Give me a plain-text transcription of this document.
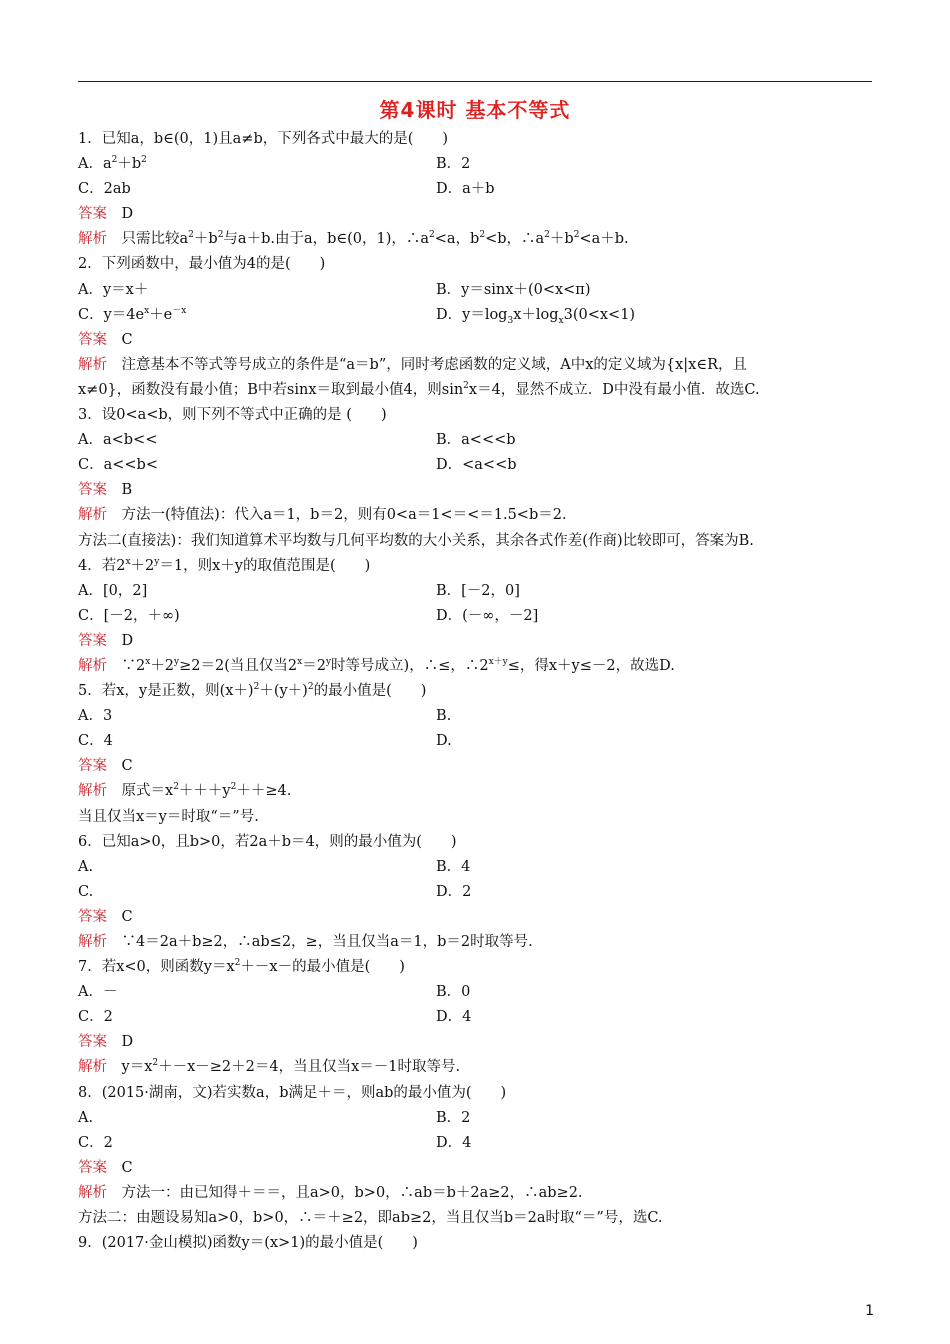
第4课时 基本不等式
1．已知a，b∈(0，1)且a≠b，下列各式中最大的是(　　)
A．$a^2+b^2$	B．2
C．2ab	D．a＋b
答案　 D
解析　 只需比较$a^2+b^2$与a＋b.由于a，b∈(0，1)，$\therefore a^2<a$，$b^2<b$，$\therefore a^2+b^2<a+b$.
2．下列函数中，最小值为4的是(　　)
A．y＝x＋	B．y＝sinx＋(0<x<π)
C．$y=4e^x+e^{-x}$	D．$y=\log_3x+\log_x3(0<x<1)$
答案　 C
解析　 注意基本不等式等号成立的条件是“a＝b”，同时考虑函数的定义域，A中x的定义域为{x|x∈R，且
x≠0}，函数没有最小值；B中若sinx＝取到最小值4，则$\sin^2x=4$，显然不成立．D中没有最小值．故选C.
3．设0<a<b，则下列不等式中正确的是 (　　)
A．a<b<<	B．a<<<b
C．a<<b<	D．<a<<b
答案　 B
解析　 方法一(特值法)：代入a＝1，b＝2，则有0<a＝1<＝<＝1.5<b＝2.
方法二(直接法)：我们知道算术平均数与几何平均数的大小关系，其余各式作差(作商)比较即可，答案为B.
4．若$2^x+2^y=1$，则x＋y的取值范围是(　　)
A．[0，2]	B．[－2，0]
C．[－2，＋∞)	D．(－∞，－2]
答案　 D
解析　 $\because 2^x+2^y\ge 2=2$(当且仅当$2^x=2^y$时等号成立)，∴≤，$\therefore 2^{x+y}\le$，得x＋y≤－2，故选D.
5．若x，y是正数，则$(x+)^2+(y+)^2$的最小值是(　　)
A．3	B.
C．4	D.
答案　 C
解析　 原式$=x^2+++y^2++\ge 4$.
当且仅当x＝y＝时取“＝”号.
6．已知a>0，且b>0，若2a＋b＝4，则的最小值为(　　)
A.	B．4
C.	D．2
答案　 C
解析　 ∵4＝2a＋b≥2，∴ab≤2，≥，当且仅当a＝1，b＝2时取等号.
7．若x<0，则函数$y=x^2+-x-$的最小值是(　　)
A．－	B．0
C．2	D．4
答案　 D
解析　 $y=x^2+-x-\ge 2+2=4$，当且仅当x＝－1时取等号.
8．(2015·湖南，文)若实数a，b满足＋＝，则ab的最小值为(　　)
A.	B．2
C．2	D．4
答案　 C
解析　 方法一：由已知得＋＝＝，且a>0，b>0，∴ab＝b＋2a≥2，∴ab≥2.
方法二：由题设易知a>0，b>0，∴＝＋≥2，即ab≥2，当且仅当b＝2a时取“＝”号，选C.
9．(2017·金山模拟)函数y＝(x>1)的最小值是(　　)
1
